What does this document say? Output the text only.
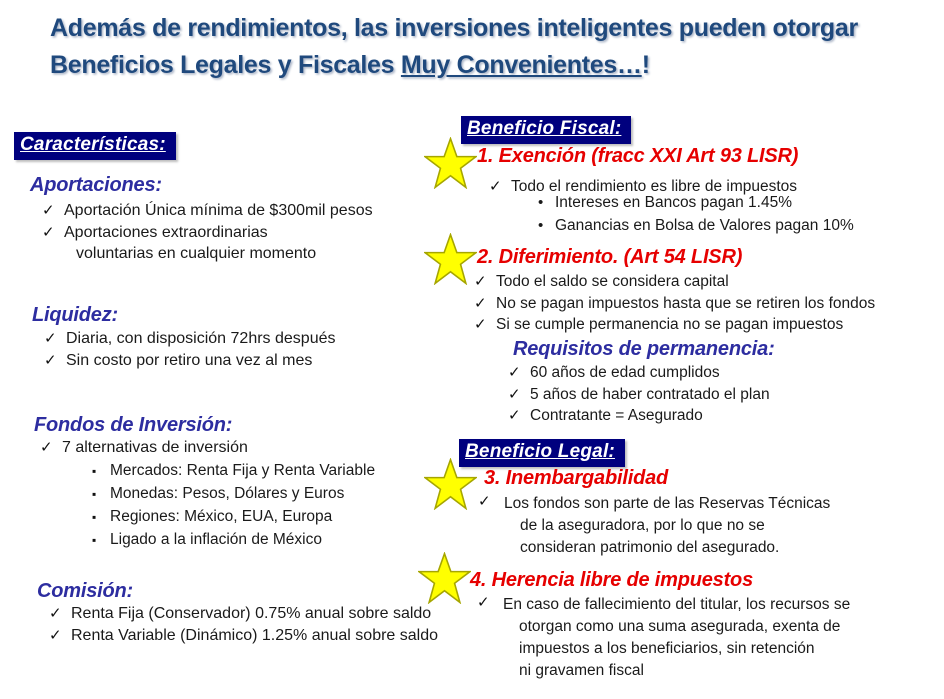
Además de rendimientos, las inversiones inteligentes pueden otorgar
Beneficios Legales y Fiscales Muy Convenientes…!
Características:
Aportaciones:
✓ Aportación Única mínima de $300mil pesos
✓ Aportaciones extraordinarias
voluntarias en cualquier momento
Liquidez:
✓ Diaria, con disposición 72hrs después
✓ Sin costo por retiro una vez al mes
Fondos de Inversión:
✓ 7 alternativas de inversión
▪ Mercados: Renta Fija y Renta Variable
▪ Monedas: Pesos, Dólares y Euros
▪ Regiones: México, EUA, Europa
▪ Ligado a la inflación de México
Comisión:
✓ Renta Fija (Conservador) 0.75% anual sobre saldo
✓ Renta Variable (Dinámico) 1.25% anual sobre saldo
Beneficio Fiscal:
1. Exención (fracc XXI Art 93 LISR)
✓ Todo el rendimiento es libre de impuestos
• Intereses en Bancos pagan 1.45%
• Ganancias en Bolsa de Valores pagan 10%
2. Diferimiento. (Art 54 LISR)
✓ Todo el saldo se considera capital
✓ No se pagan impuestos hasta que se retiren los fondos
✓ Si se cumple permanencia no se pagan impuestos
Requisitos de permanencia:
✓ 60 años de edad cumplidos
✓ 5 años de haber contratado el plan
✓ Contratante = Asegurado
Beneficio Legal:
3. Inembargabilidad
✓ Los fondos son parte de las Reservas Técnicas
de la aseguradora, por lo que no se
consideran patrimonio del asegurado.
4. Herencia libre de impuestos
✓ En caso de fallecimiento del titular, los recursos se
otorgan como una suma asegurada, exenta de
impuestos a los beneficiarios, sin retención
ni gravamen fiscal
